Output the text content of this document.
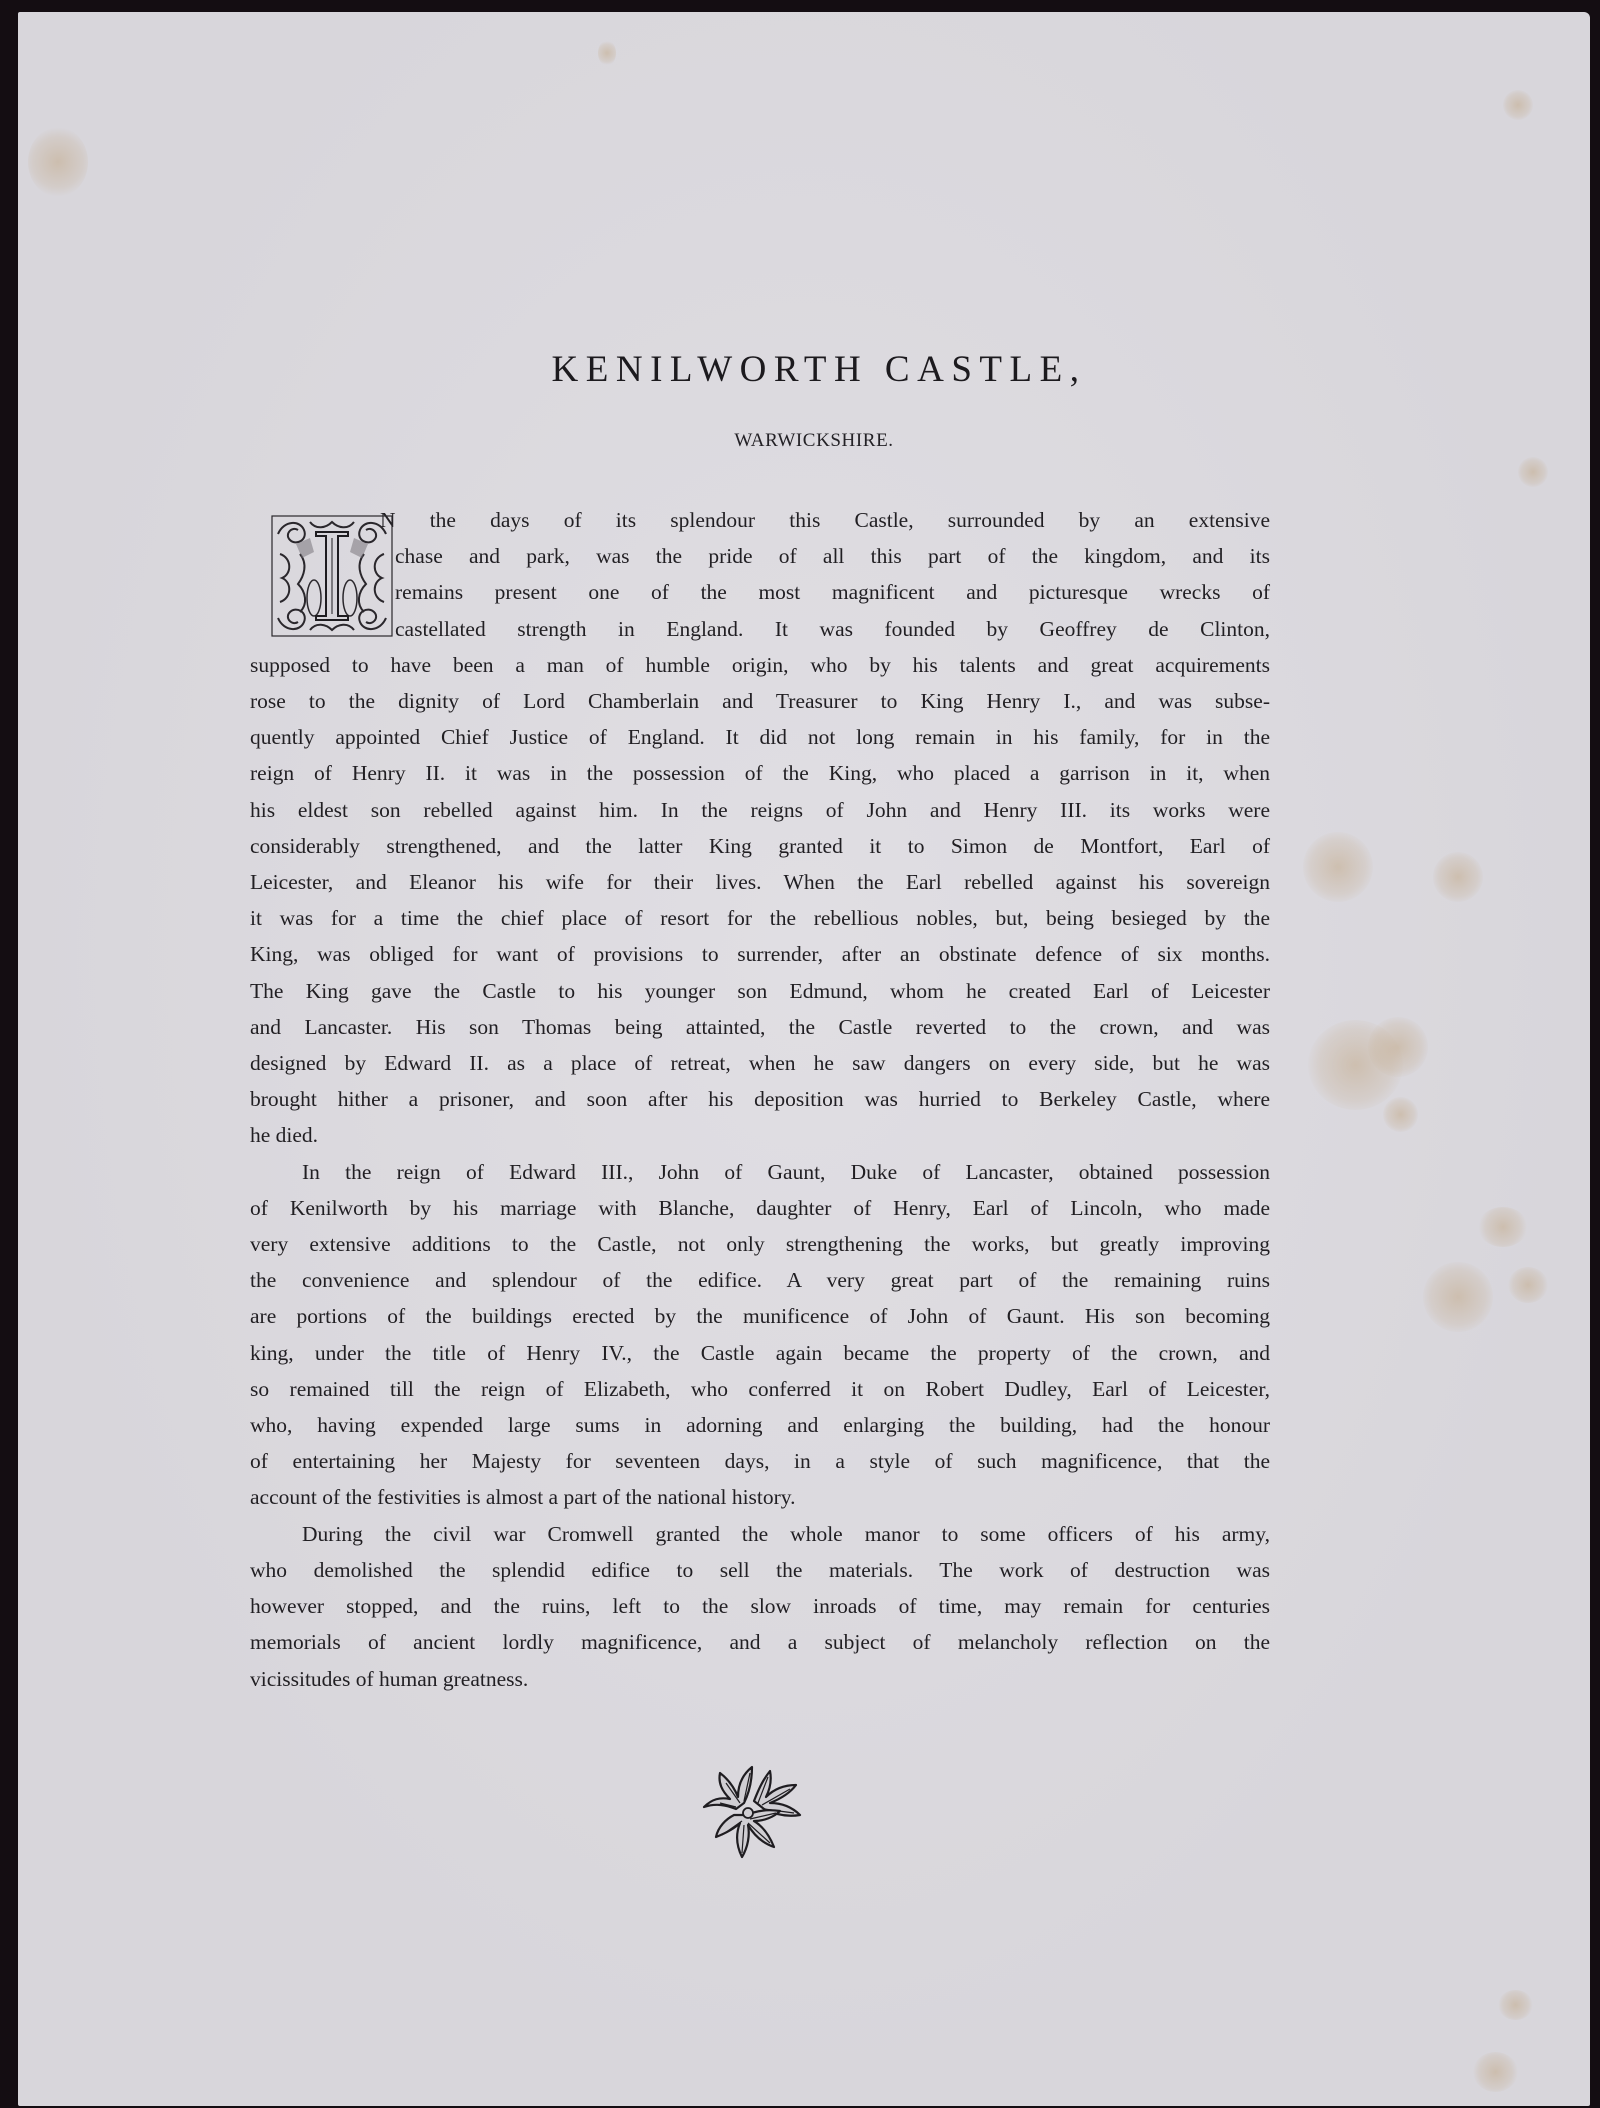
KENILWORTH CASTLE,
WARWICKSHIRE.
N the days of its splendour this Castle, surrounded by an extensive
chase and park, was the pride of all this part of the kingdom, and its
remains present one of the most magnificent and picturesque wrecks of
castellated strength in England. It was founded by Geoffrey de Clinton,
supposed to have been a man of humble origin, who by his talents and great acquirements
rose to the dignity of Lord Chamberlain and Treasurer to King Henry I., and was subse-
quently appointed Chief Justice of England. It did not long remain in his family, for in the
reign of Henry II. it was in the possession of the King, who placed a garrison in it, when
his eldest son rebelled against him. In the reigns of John and Henry III. its works were
considerably strengthened, and the latter King granted it to Simon de Montfort, Earl of
Leicester, and Eleanor his wife for their lives. When the Earl rebelled against his sovereign
it was for a time the chief place of resort for the rebellious nobles, but, being besieged by the
King, was obliged for want of provisions to surrender, after an obstinate defence of six months.
The King gave the Castle to his younger son Edmund, whom he created Earl of Leicester
and Lancaster. His son Thomas being attainted, the Castle reverted to the crown, and was
designed by Edward II. as a place of retreat, when he saw dangers on every side, but he was
brought hither a prisoner, and soon after his deposition was hurried to Berkeley Castle, where
he died.
In the reign of Edward III., John of Gaunt, Duke of Lancaster, obtained possession
of Kenilworth by his marriage with Blanche, daughter of Henry, Earl of Lincoln, who made
very extensive additions to the Castle, not only strengthening the works, but greatly improving
the convenience and splendour of the edifice. A very great part of the remaining ruins
are portions of the buildings erected by the munificence of John of Gaunt. His son becoming
king, under the title of Henry IV., the Castle again became the property of the crown, and
so remained till the reign of Elizabeth, who conferred it on Robert Dudley, Earl of Leicester,
who, having expended large sums in adorning and enlarging the building, had the honour
of entertaining her Majesty for seventeen days, in a style of such magnificence, that the
account of the festivities is almost a part of the national history.
During the civil war Cromwell granted the whole manor to some officers of his army,
who demolished the splendid edifice to sell the materials. The work of destruction was
however stopped, and the ruins, left to the slow inroads of time, may remain for centuries
memorials of ancient lordly magnificence, and a subject of melancholy reflection on the
vicissitudes of human greatness.
